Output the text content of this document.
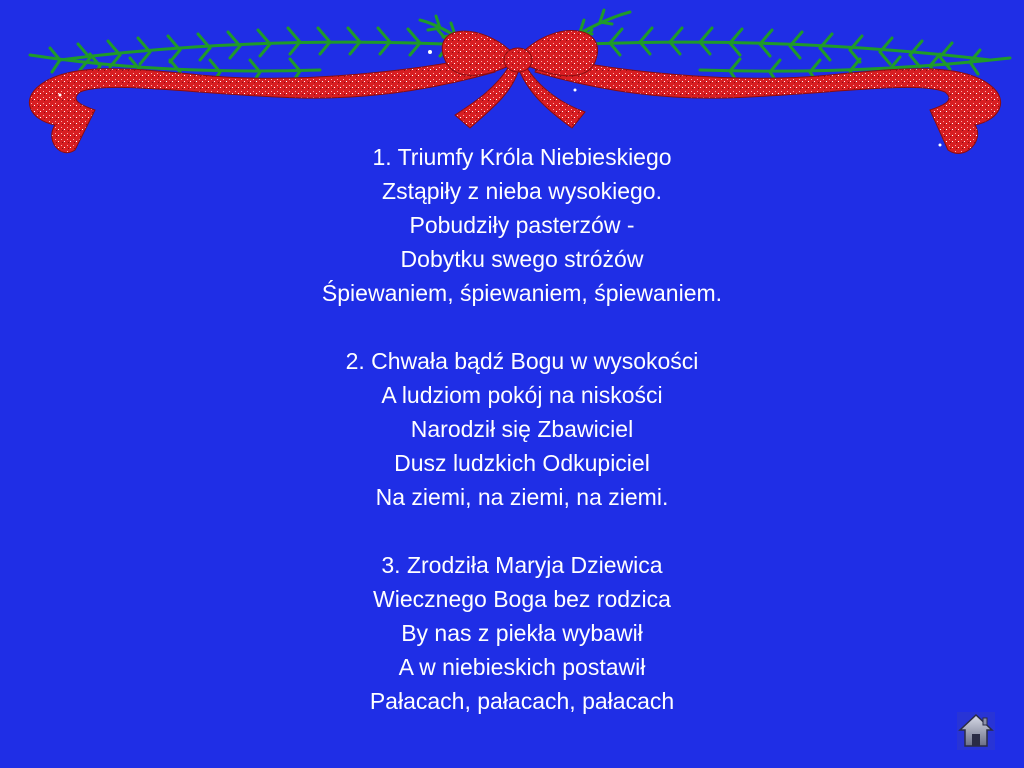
1. Triumfy Króla Niebieskiego
Zstąpiły z nieba wysokiego.
Pobudziły pasterzów -
Dobytku swego stróżów
Śpiewaniem, śpiewaniem, śpiewaniem.
2. Chwała bądź Bogu w wysokości
A ludziom pokój na niskości
Narodził się Zbawiciel
Dusz ludzkich Odkupiciel
Na ziemi, na ziemi, na ziemi.
3. Zrodziła Maryja Dziewica
Wiecznego Boga bez rodzica
By nas z piekła wybawił
A w niebieskich postawił
Pałacach, pałacach, pałacach
